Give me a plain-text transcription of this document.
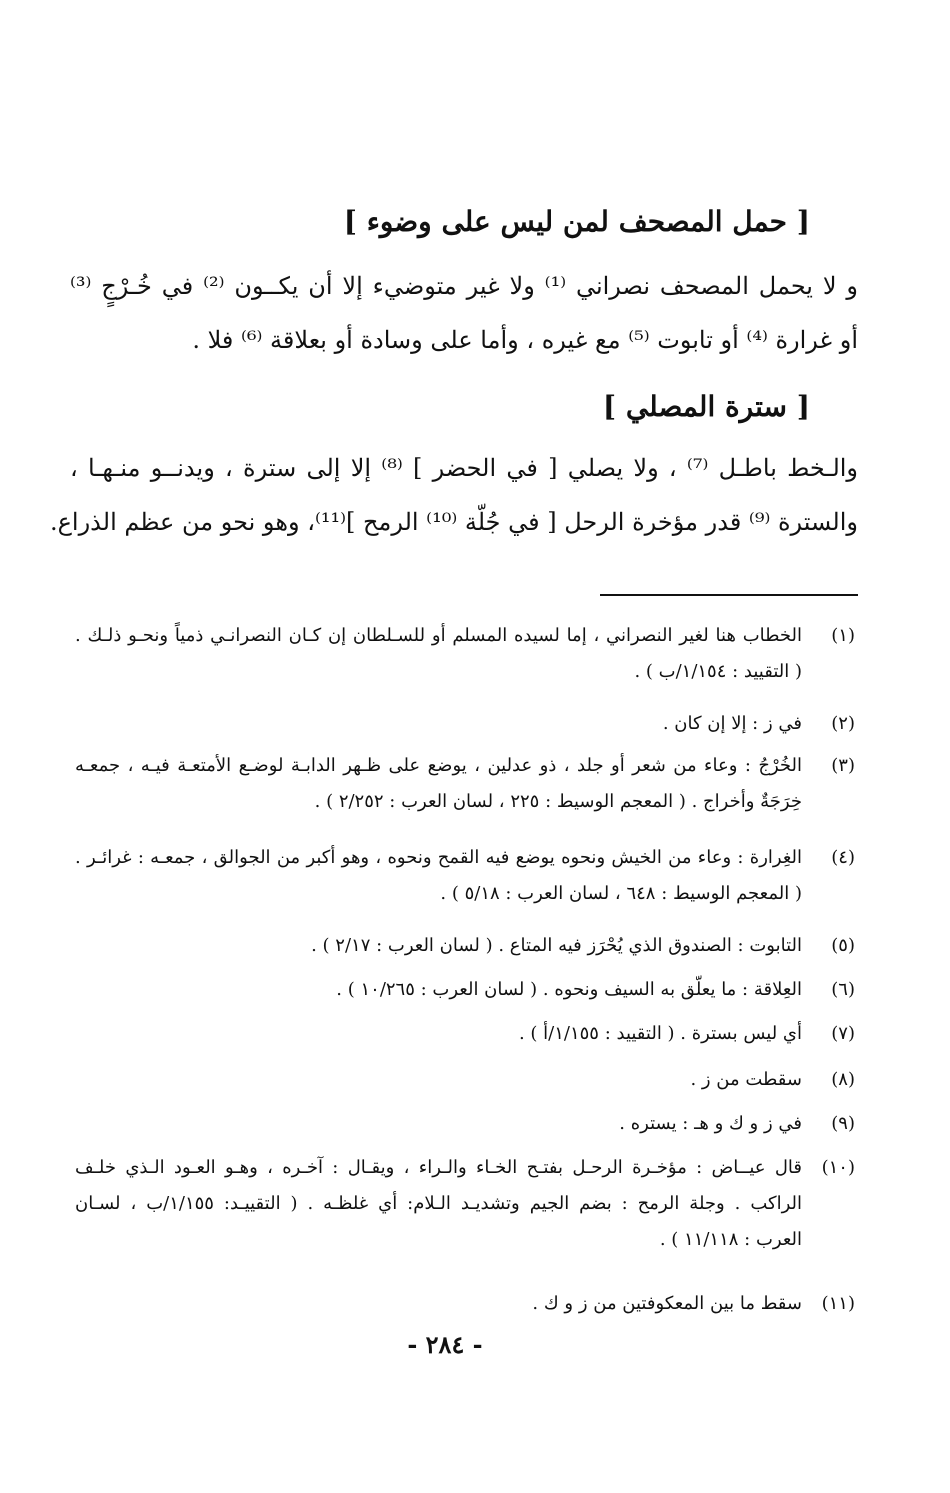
[ حمل المصحف لمن ليس على وضوء ]
و لا يحمل المصحف نصراني ⁽¹⁾ ولا غير متوضيء إلا أن يكــون ⁽²⁾ في خُـرْجٍ ⁽³⁾
أو غرارة ⁽⁴⁾ أو تابوت ⁽⁵⁾ مع غيره ، وأما على وسادة أو بعلاقة ⁽⁶⁾ فلا .
[ سترة المصلي ]
والـخط باطـل ⁽⁷⁾ ، ولا يصلي [ في الحضر ] ⁽⁸⁾ إلا إلى سترة ، ويدنــو منـهـا ،
والسترة ⁽⁹⁾ قدر مؤخرة الرحل [ في جُلّة ⁽¹⁰⁾ الرمح ]⁽¹¹⁾، وهو نحو من عظم الذراع.
(١)
الخطاب هنا لغير النصراني ، إما لسيده المسلم أو للسـلطان إن كـان النصرانـي ذمياً ونحـو ذلـك .
( التقييد : ١/١٥٤/ب ) .
(٢)
في ز : إلا إن كان .
(٣)
الخُرْجُ : وعاء من شعر أو جلد ، ذو عدلين ، يوضع على ظـهر الدابـة لوضـع الأمتعـة فيـه ، جمعـه
خِرَجَةٌ وأخراج . ( المعجم الوسيط : ٢٢٥ ، لسان العرب : ٢/٢٥٢ ) .
(٤)
الغِرارة : وعاء من الخيش ونحوه يوضع فيه القمح ونحوه ، وهو أكبر من الجوالق ، جمعـه : غرائـر .
( المعجم الوسيط : ٦٤٨ ، لسان العرب : ٥/١٨ ) .
(٥)
التابوت : الصندوق الذي يُحْرَز فيه المتاع . ( لسان العرب : ٢/١٧ ) .
(٦)
العِلاقة : ما يعلّق به السيف ونحوه . ( لسان العرب : ١٠/٢٦٥ ) .
(٧)
أي ليس بسترة . ( التقييد : ١/١٥٥/أ ) .
(٨)
سقطت من ز .
(٩)
في ز و ك و هـ : يستره .
(١٠)
قال عيــاض : مؤخـرة الرحـل بفتـح الخـاء والـراء ، ويقـال : آخـره ، وهـو العـود الـذي خلـف
الراكب . وجلة الرمح : بضم الجيم وتشديـد الـلام: أي غلظـه . ( التقييـد: ١/١٥٥/ب ، لسـان
العرب : ١١/١١٨ ) .
(١١)
سقط ما بين المعكوفتين من ز و ك .
- ٢٨٤ -
